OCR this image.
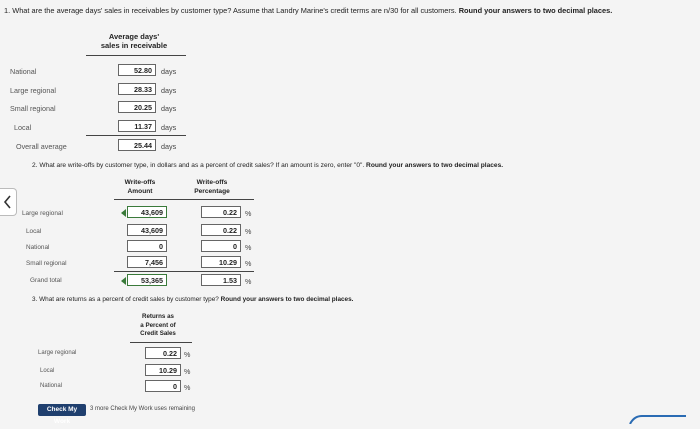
1. What are the average days' sales in receivables by customer type? Assume that Landry Marine's credit terms are n/30 for all customers. Round your answers to two decimal places.
Average days'
sales in receivable
National	52.80	days
Large regional	28.33	days
Small regional	20.25	days
Local	11.37	days
Overall average	25.44	days
2. What are write-offs by customer type, in dollars and as a percent of credit sales? If an amount is zero, enter "0". Round your answers to two decimal places.
Write-offs
Amount
Write-offs
Percentage
Large regional	43,609	0.22	%
Local	43,609	0.22	%
National	0	0	%
Small regional	7,456	10.29	%
Grand total	53,365	1.53	%
3. What are returns as a percent of credit sales by customer type? Round your answers to two decimal places.
Returns as
a Percent of
Credit Sales
Large regional	0.22 %
Local	10.29 %
National	0 %
Check My Work
3 more Check My Work uses remaining
